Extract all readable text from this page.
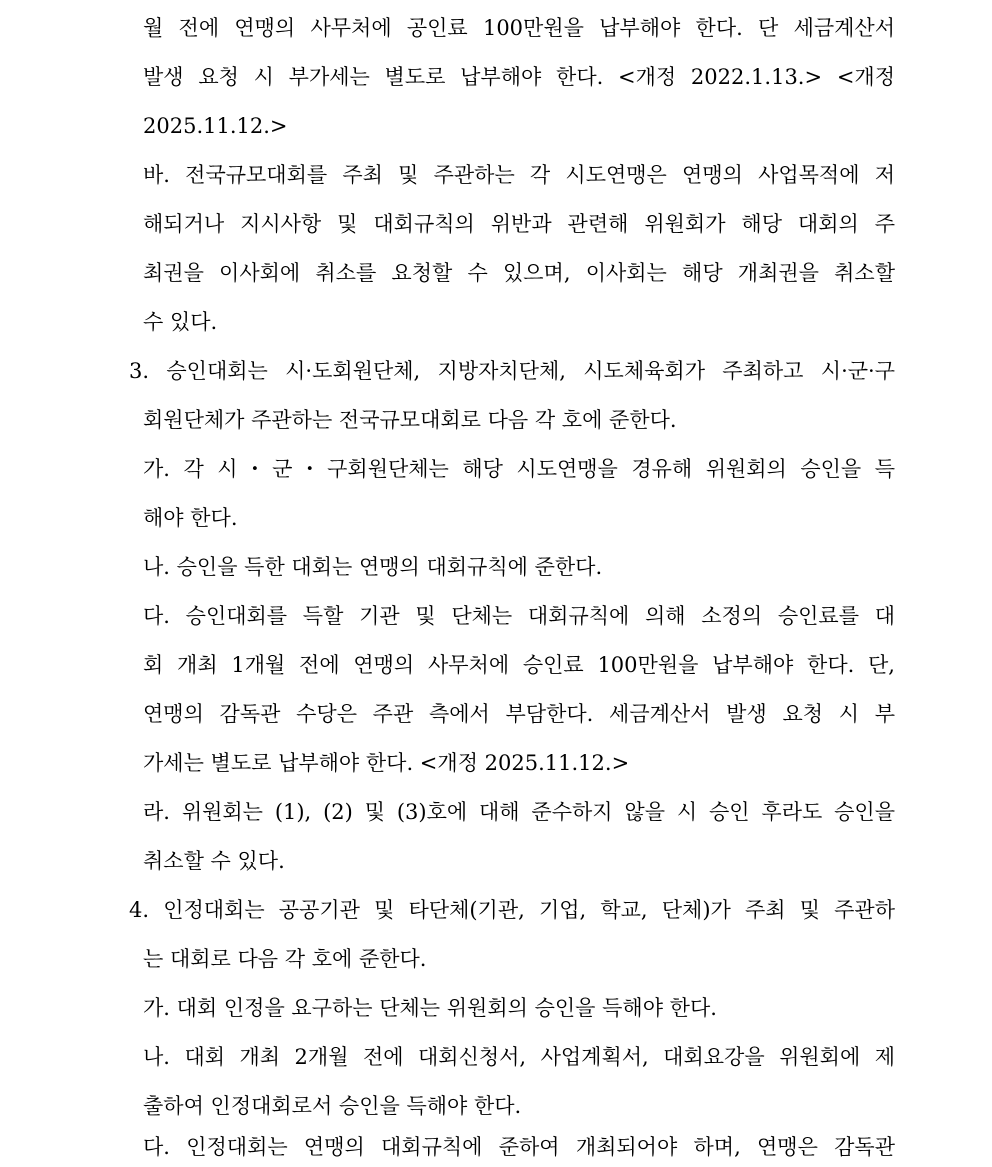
월 전에 연맹의 사무처에 공인료 100만원을 납부해야 한다. 단 세금계산서

발생 요청 시 부가세는 별도로 납부해야 한다. <개정 2022.1.13.> <개정

2025.11.12.>

바. 전국규모대회를 주최 및 주관하는 각 시도연맹은 연맹의 사업목적에 저

해되거나 지시사항 및 대회규칙의 위반과 관련해 위원회가 해당 대회의 주

최권을 이사회에 취소를 요청할 수 있으며, 이사회는 해당 개최권을 취소할

수 있다.

3. 승인대회는 시·도회원단체, 지방자치단체, 시도체육회가 주최하고 시·군·구

회원단체가 주관하는 전국규모대회로 다음 각 호에 준한다.

가. 각 시・군・구회원단체는 해당 시도연맹을 경유해 위원회의 승인을 득

해야 한다.

나. 승인을 득한 대회는 연맹의 대회규칙에 준한다.

다. 승인대회를 득할 기관 및 단체는 대회규칙에 의해 소정의 승인료를 대

회 개최 1개월 전에 연맹의 사무처에 승인료 100만원을 납부해야 한다. 단,

연맹의 감독관 수당은 주관 측에서 부담한다. 세금계산서 발생 요청 시 부

가세는 별도로 납부해야 한다. <개정 2025.11.12.>

라. 위원회는 (1), (2) 및 (3)호에 대해 준수하지 않을 시 승인 후라도 승인을

취소할 수 있다.

4. 인정대회는 공공기관 및 타단체(기관, 기업, 학교, 단체)가 주최 및 주관하

는 대회로 다음 각 호에 준한다.

가. 대회 인정을 요구하는 단체는 위원회의 승인을 득해야 한다.

나. 대회 개최 2개월 전에 대회신청서, 사업계획서, 대회요강을 위원회에 제

출하여 인정대회로서 승인을 득해야 한다.

다. 인정대회는 연맹의 대회규칙에 준하여 개최되어야 하며, 연맹은 감독관
